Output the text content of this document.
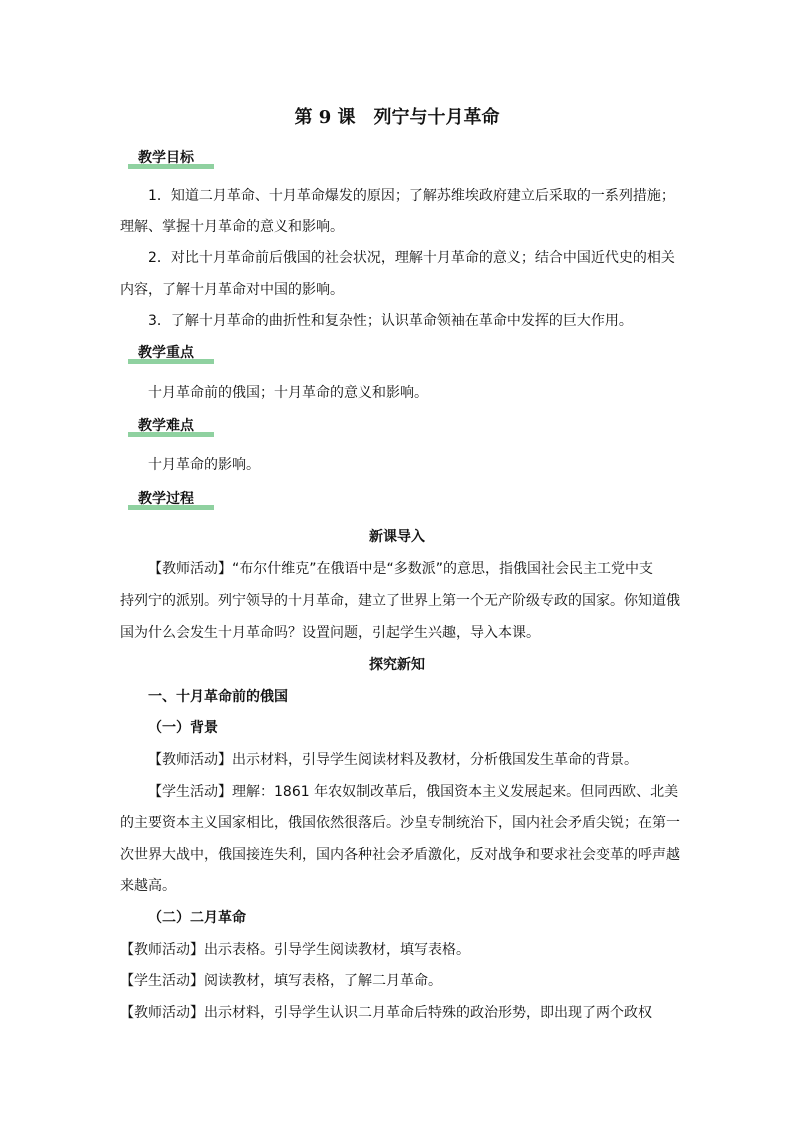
第 9 课　列宁与十月革命
教学目标
1．知道二月革命、十月革命爆发的原因；了解苏维埃政府建立后采取的一系列措施；
理解、掌握十月革命的意义和影响。
2．对比十月革命前后俄国的社会状况，理解十月革命的意义；结合中国近代史的相关
内容，了解十月革命对中国的影响。
3．了解十月革命的曲折性和复杂性；认识革命领袖在革命中发挥的巨大作用。
教学重点
十月革命前的俄国；十月革命的意义和影响。
教学难点
十月革命的影响。
教学过程
新课导入
【教师活动】“布尔什维克”在俄语中是“多数派”的意思，指俄国社会民主工党中支
持列宁的派别。列宁领导的十月革命，建立了世界上第一个无产阶级专政的国家。你知道俄
国为什么会发生十月革命吗？设置问题，引起学生兴趣，导入本课。
探究新知
一、十月革命前的俄国
（一）背景
【教师活动】出示材料，引导学生阅读材料及教材，分析俄国发生革命的背景。
【学生活动】理解：1861 年农奴制改革后，俄国资本主义发展起来。但同西欧、北美
的主要资本主义国家相比，俄国依然很落后。沙皇专制统治下，国内社会矛盾尖锐；在第一
次世界大战中，俄国接连失利，国内各种社会矛盾激化，反对战争和要求社会变革的呼声越
来越高。
（二）二月革命
【教师活动】出示表格。引导学生阅读教材，填写表格。
【学生活动】阅读教材，填写表格，了解二月革命。
【教师活动】出示材料，引导学生认识二月革命后特殊的政治形势，即出现了两个政权
